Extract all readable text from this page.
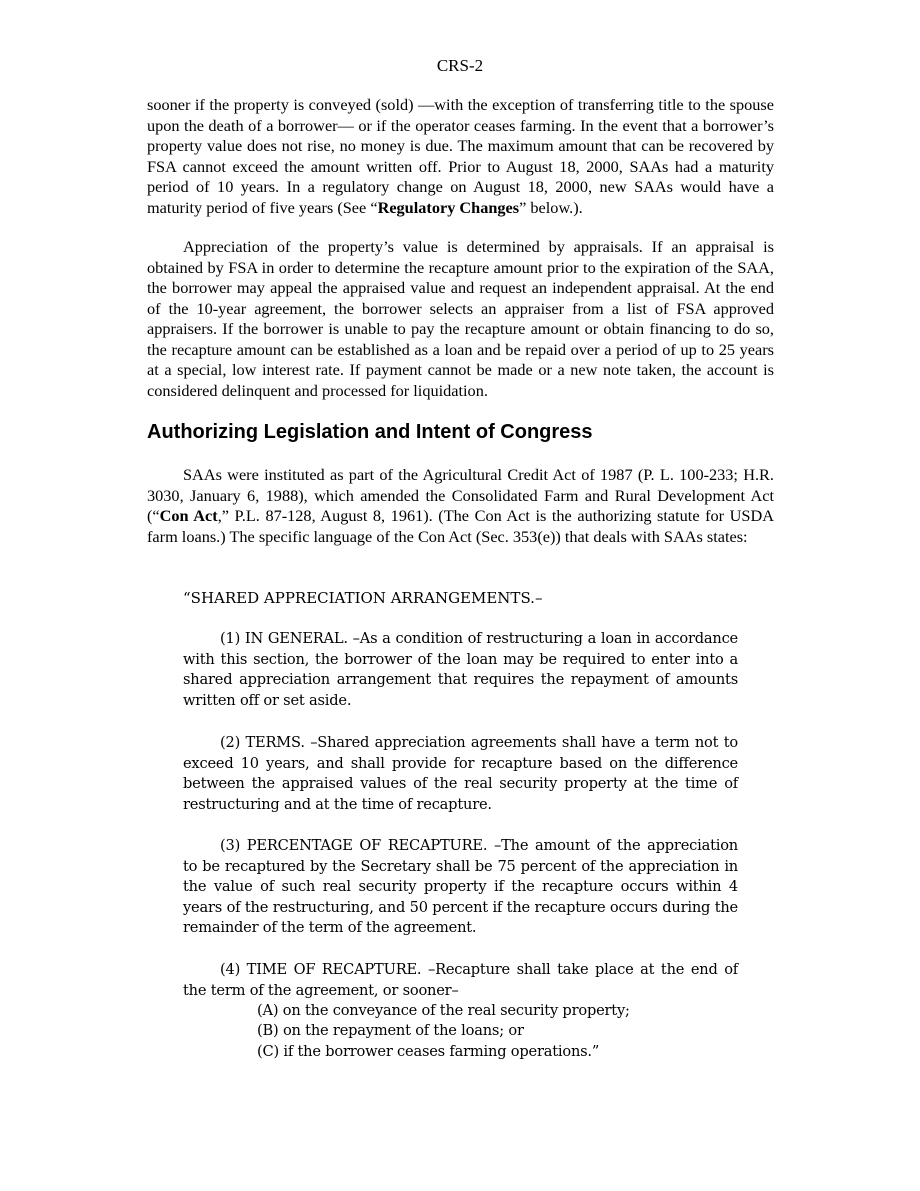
CRS-2

sooner if the property is conveyed (sold) —with the exception of transferring title to the spouse upon the death of a borrower— or if the operator ceases farming. In the event that a borrower’s property value does not rise, no money is due. The maximum amount that can be recovered by FSA cannot exceed the amount written off. Prior to August 18, 2000, SAAs had a maturity period of 10 years. In a regulatory change on August 18, 2000, new SAAs would have a maturity period of five years (See “Regulatory Changes” below.).

Appreciation of the property’s value is determined by appraisals. If an appraisal is obtained by FSA in order to determine the recapture amount prior to the expiration of the SAA, the borrower may appeal the appraised value and request an independent appraisal. At the end of the 10-year agreement, the borrower selects an appraiser from a list of FSA approved appraisers. If the borrower is unable to pay the recapture amount or obtain financing to do so, the recapture amount can be established as a loan and be repaid over a period of up to 25 years at a special, low interest rate. If payment cannot be made or a new note taken, the account is considered delinquent and processed for liquidation.

Authorizing Legislation and Intent of Congress

SAAs were instituted as part of the Agricultural Credit Act of 1987 (P. L. 100-233; H.R. 3030, January 6, 1988), which amended the Consolidated Farm and Rural Development Act (“Con Act,” P.L. 87-128, August 8, 1961). (The Con Act is the authorizing statute for USDA farm loans.) The specific language of the Con Act (Sec. 353(e)) that deals with SAAs states:

“SHARED APPRECIATION ARRANGEMENTS.–

(1) IN GENERAL. –As a condition of restructuring a loan in accordance with this section, the borrower of the loan may be required to enter into a shared appreciation arrangement that requires the repayment of amounts written off or set aside.

(2) TERMS. –Shared appreciation agreements shall have a term not to exceed 10 years, and shall provide for recapture based on the difference between the appraised values of the real security property at the time of restructuring and at the time of recapture.

(3) PERCENTAGE OF RECAPTURE. –The amount of the appreciation to be recaptured by the Secretary shall be 75 percent of the appreciation in the value of such real security property if the recapture occurs within 4 years of the restructuring, and 50 percent if the recapture occurs during the remainder of the term of the agreement.

(4) TIME OF RECAPTURE. –Recapture shall take place at the end of the term of the agreement, or sooner–

(A) on the conveyance of the real security property;

(B) on the repayment of the loans; or

(C) if the borrower ceases farming operations.”
